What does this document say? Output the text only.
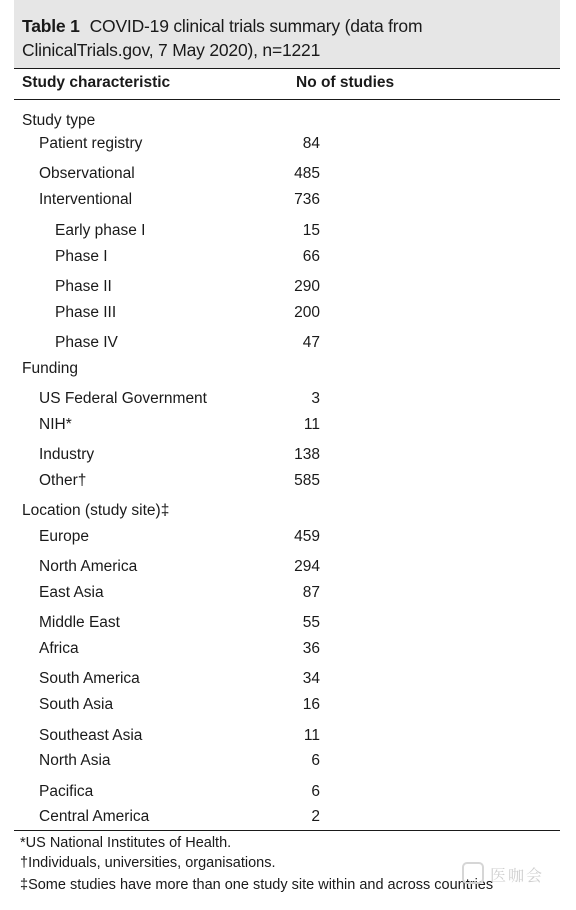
Table 1 COVID-19 clinical trials summary (data from ClinicalTrials.gov, 7 May 2020), n=1221
Study characteristic	No of studies
Study type
Patient registry	84
Observational	485
Interventional	736
Early phase I	15
Phase I	66
Phase II	290
Phase III	200
Phase IV	47
Funding
US Federal Government	3
NIH*	11
Industry	138
Other†	585
Location (study site)‡
Europe	459
North America	294
East Asia	87
Middle East	55
Africa	36
South America	34
South Asia	16
Southeast Asia	11
North Asia	6
Pacifica	6
Central America	2
*US National Institutes of Health.
†Individuals, universities, organisations.
‡Some studies have more than one study site within and across countries
医咖会
